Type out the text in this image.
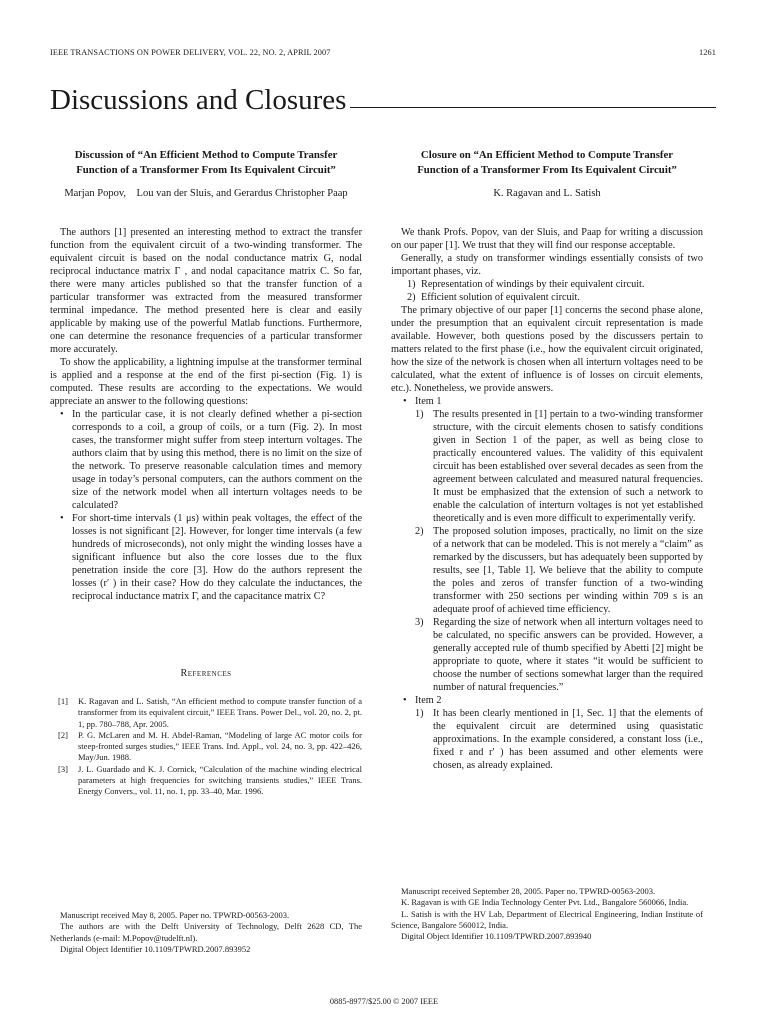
IEEE TRANSACTIONS ON POWER DELIVERY, VOL. 22, NO. 2, APRIL 2007	1261
Discussions and Closures
Discussion of “An Efficient Method to Compute Transfer
Function of a Transformer From Its Equivalent Circuit”
Marjan Popov, Lou van der Sluis, and Gerardus Christopher Paap

The authors [1] presented an interesting method to extract the transfer function from the equivalent circuit of a two-winding transformer. The equivalent circuit is based on the nodal conductance matrix G, nodal reciprocal inductance matrix Γ , and nodal capacitance matrix C. So far, there were many articles published so that the transfer function of a particular transformer was extracted from the measured transformer terminal impedance. The method presented here is clear and easily applicable by making use of the powerful Matlab functions. Furthermore, one can determine the resonance frequencies of a particular transformer more accurately.

To show the applicability, a lightning impulse at the transformer terminal is applied and a response at the end of the first pi-section (Fig. 1) is computed. These results are according to the expectations. We would appreciate an answer to the following questions:

• In the particular case, it is not clearly defined whether a pi-section corresponds to a coil, a group of coils, or a turn (Fig. 2). In most cases, the transformer might suffer from steep interturn voltages. The authors claim that by using this method, there is no limit on the size of the network. To preserve reasonable calculation times and memory usage in today’s personal computers, can the authors comment on the size of the network model when all interturn voltages needs to be calculated?
• For short-time intervals (1 μs) within peak voltages, the effect of the losses is not significant [2]. However, for longer time intervals (a few hundreds of microseconds), not only might the winding losses have a significant influence but also the core losses due to the flux penetration inside the core [3]. How do the authors represent the losses (r′ ) in their case? How do they calculate the inductances, the reciprocal inductance matrix Γ, and the capacitance matrix C?
References
[1] K. Ragavan and L. Satish, “An efficient method to compute transfer function of a transformer from its equivalent circuit,” IEEE Trans. Power Del., vol. 20, no. 2, pt. 1, pp. 780–788, Apr. 2005.
[2] P. G. McLaren and M. H. Abdel-Raman, “Modeling of large AC motor coils for steep-fronted surges studies,” IEEE Trans. Ind. Appl., vol. 24, no. 3, pp. 422–426, May/Jun. 1988.
[3] J. L. Guardado and K. J. Cornick, “Calculation of the machine winding electrical parameters at high frequencies for switching transients studies,” IEEE Trans. Energy Convers., vol. 11, no. 1, pp. 33–40, Mar. 1996.
Closure on “An Efficient Method to Compute Transfer
Function of a Transformer From Its Equivalent Circuit”
K. Ragavan and L. Satish

We thank Profs. Popov, van der Sluis, and Paap for writing a discussion on our paper [1]. We trust that they will find our response acceptable.

Generally, a study on transformer windings essentially consists of two important phases, viz.

1) Representation of windings by their equivalent circuit.
2) Efficient solution of equivalent circuit.

The primary objective of our paper [1] concerns the second phase alone, under the presumption that an equivalent circuit representation is made available. However, both questions posed by the discussers pertain to matters related to the first phase (i.e., how the equivalent circuit originated, how the size of the network is chosen when all interturn voltages need to be calculated, what the extent of influence is of losses on circuit elements, etc.). Nonetheless, we provide answers.

• Item 1
1) The results presented in [1] pertain to a two-winding transformer structure, with the circuit elements chosen to satisfy conditions given in Section 1 of the paper, as well as being close to practically encountered values. The validity of this equivalent circuit has been established over several decades as seen from the agreement between calculated and measured natural frequencies. It must be emphasized that the extension of such a network to enable the calculation of interturn voltages is not yet established theoretically and is even more difficult to experimentally verify.
2) The proposed solution imposes, practically, no limit on the size of a network that can be modeled. This is not merely a “claim” as remarked by the discussers, but has adequately been supported by results, see [1, Table 1]. We believe that the ability to compute the poles and zeros of transfer function of a two-winding transformer with 250 sections per winding within 709 s is an adequate proof of achieved time efficiency.
3) Regarding the size of network when all interturn voltages need to be calculated, no specific answers can be provided. However, a generally accepted rule of thumb specified by Abetti [2] might be appropriate to quote, where it states “it would be sufficient to choose the number of sections somewhat larger than the required number of natural frequencies.”
• Item 2
1) It has been clearly mentioned in [1, Sec. 1] that the elements of the equivalent circuit are determined using quasistatic approximations. In the example considered, a constant loss (i.e., fixed r and r′ ) has been assumed and other elements were chosen, as already explained.

Manuscript received May 8, 2005. Paper no. TPWRD-00563-2003.

The authors are with the Delft University of Technology, Delft 2628 CD, The Netherlands (e-mail: M.Popov@tudelft.nl).

Digital Object Identifier 10.1109/TPWRD.2007.893952

Manuscript received September 28, 2005. Paper no. TPWRD-00563-2003.

K. Ragavan is with GE India Technology Center Pvt. Ltd., Bangalore 560066, India.

L. Satish is with the HV Lab, Department of Electrical Engineering, Indian Institute of Science, Bangalore 560012, India.

Digital Object Identifier 10.1109/TPWRD.2007.893940

0885-8977/$25.00 © 2007 IEEE
